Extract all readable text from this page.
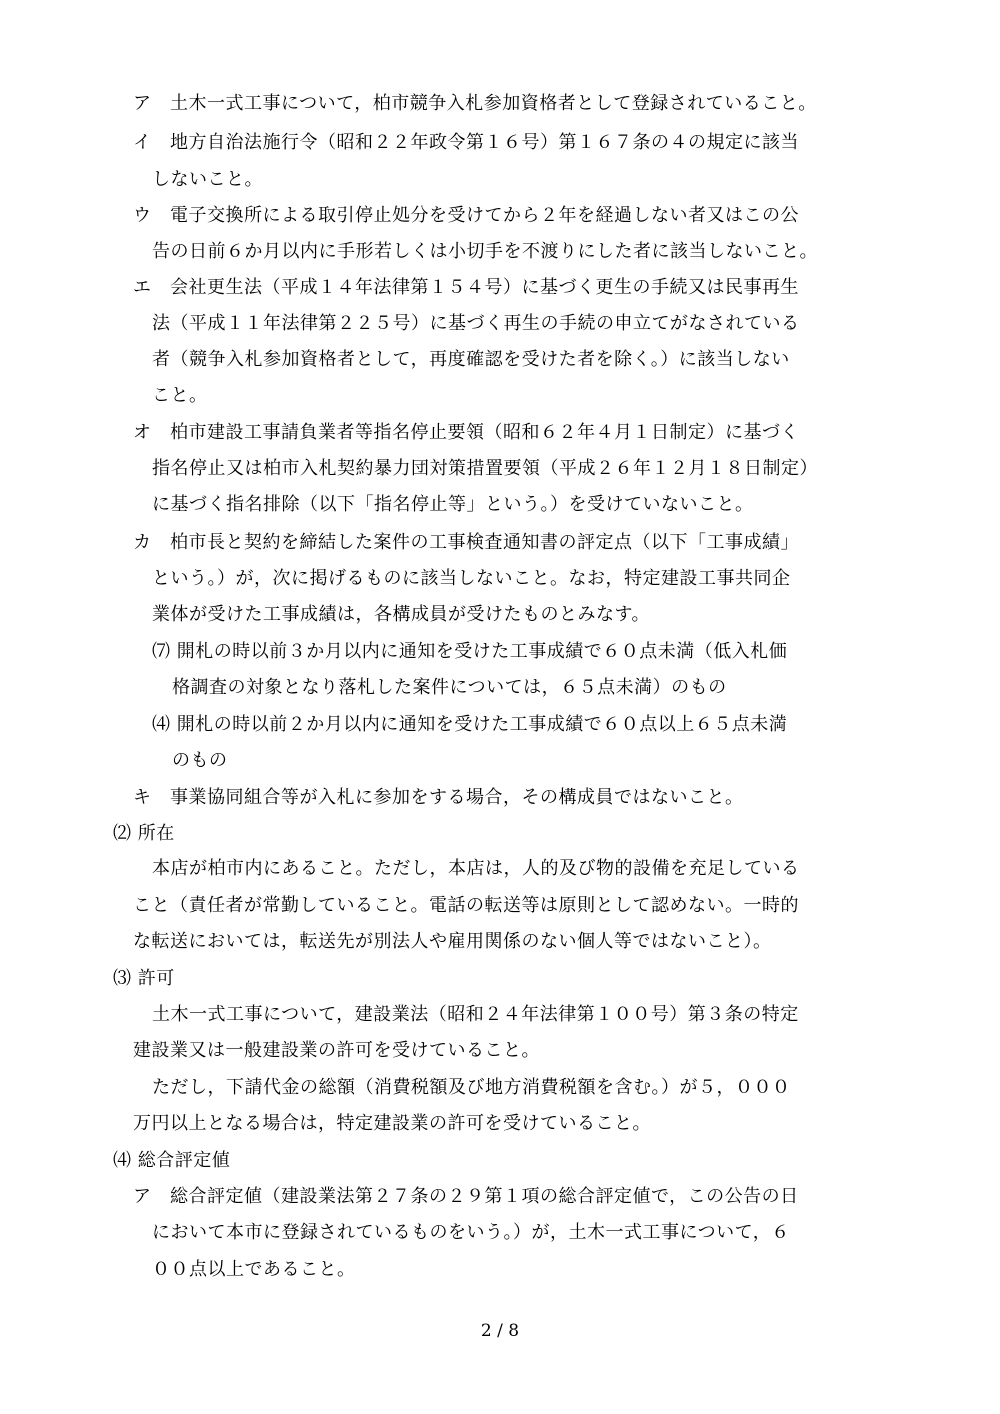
ア　土木一式工事について，柏市競争入札参加資格者として登録されていること。
イ　地方自治法施行令（昭和２２年政令第１６号）第１６７条の４の規定に該当
しないこと。
ウ　電子交換所による取引停止処分を受けてから２年を経過しない者又はこの公
告の日前６か月以内に手形若しくは小切手を不渡りにした者に該当しないこと。
エ　会社更生法（平成１４年法律第１５４号）に基づく更生の手続又は民事再生
法（平成１１年法律第２２５号）に基づく再生の手続の申立てがなされている
者（競争入札参加資格者として，再度確認を受けた者を除く。）に該当しない
こと。
オ　柏市建設工事請負業者等指名停止要領（昭和６２年４月１日制定）に基づく
指名停止又は柏市入札契約暴力団対策措置要領（平成２６年１２月１８日制定）
に基づく指名排除（以下「指名停止等」という。）を受けていないこと。
カ　柏市長と契約を締結した案件の工事検査通知書の評定点（以下「工事成績」
という。）が，次に掲げるものに該当しないこと。なお，特定建設工事共同企
業体が受けた工事成績は，各構成員が受けたものとみなす。
⑺ 開札の時以前３か月以内に通知を受けた工事成績で６０点未満（低入札価
格調査の対象となり落札した案件については，６５点未満）のもの
⑷ 開札の時以前２か月以内に通知を受けた工事成績で６０点以上６５点未満
のもの
キ　事業協同組合等が入札に参加をする場合，その構成員ではないこと。
⑵ 所在
本店が柏市内にあること。ただし，本店は，人的及び物的設備を充足している
こと（責任者が常勤していること。電話の転送等は原則として認めない。一時的
な転送においては，転送先が別法人や雇用関係のない個人等ではないこと）。
⑶ 許可
土木一式工事について，建設業法（昭和２４年法律第１００号）第３条の特定
建設業又は一般建設業の許可を受けていること。
ただし，下請代金の総額（消費税額及び地方消費税額を含む。）が５，０００
万円以上となる場合は，特定建設業の許可を受けていること。
⑷ 総合評定値
ア　総合評定値（建設業法第２７条の２９第１項の総合評定値で，この公告の日
において本市に登録されているものをいう。）が，土木一式工事について，６
００点以上であること。
2 / 8
